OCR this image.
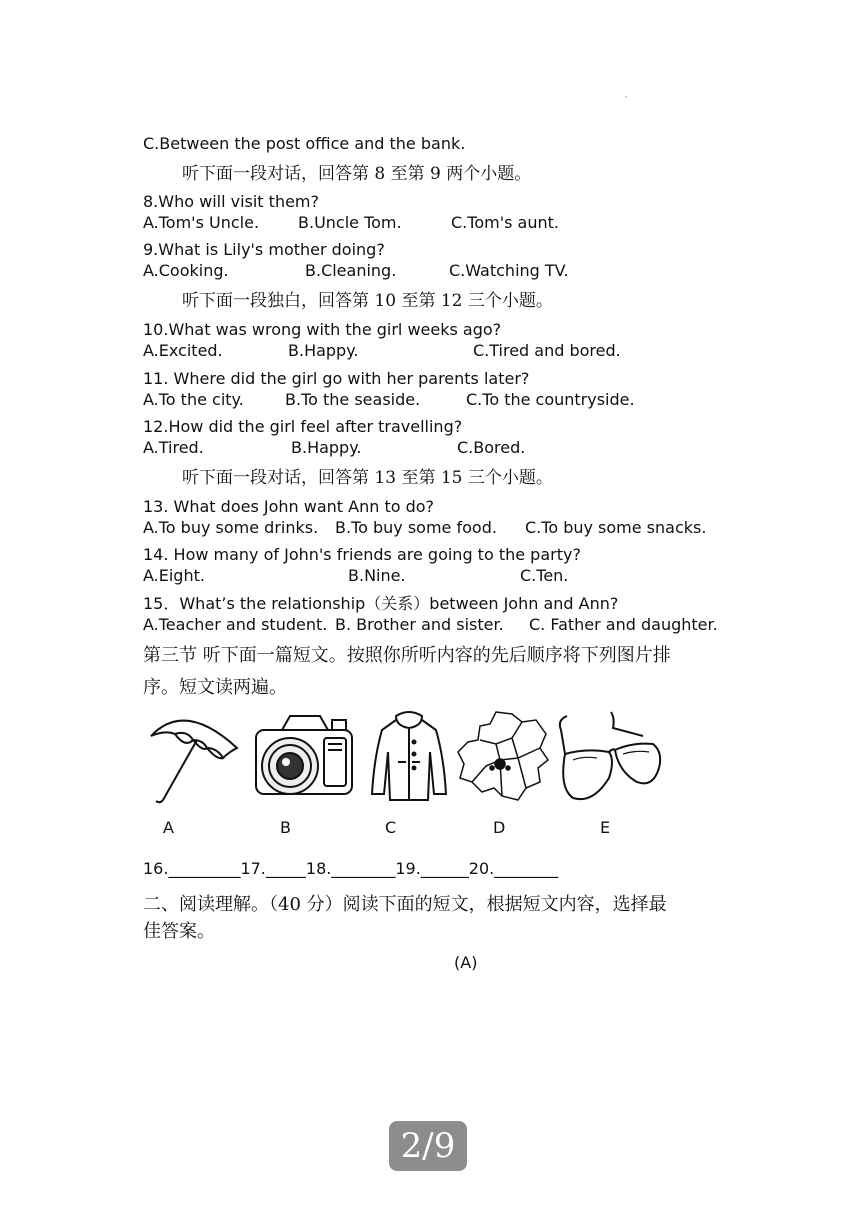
C.Between the post office and the bank.
听下面一段对话，回答第 8 至第 9 两个小题。
8.Who will visit them?
A.Tom's Uncle. B.Uncle Tom.	C.Tom's aunt.
9.What is Lily's mother doing?
A.Cooking.	B.Cleaning.	C.Watching TV.
听下面一段独白，回答第 10 至第 12 三个小题。
10.What was wrong with the girl weeks ago?
A.Excited.	B.Happy.	C.Tired and bored.
11. Where did the girl go with her parents later?
A.To the city.	B.To the seaside.	C.To the countryside.
12.How did the girl feel after travelling?
A.Tired.	B.Happy.	C.Bored.
听下面一段对话，回答第 13 至第 15 三个小题。
13. What does John want Ann to do?
A.To buy some drinks. B.To buy some food. C.To buy some snacks.
14. How many of John's friends are going to the party?
A.Eight.	B.Nine.	C.Ten.
15．What’s the relationship（关系）between John and Ann?
A.Teacher and student. B. Brother and sister. C. Father and daughter.
第三节 听下面一篇短文。按照你所听内容的先后顺序将下列图片排
序。短文读两遍。
A	B	C	D	E
16._________17._____18.________19.______20.________
二、阅读理解。（40 分）阅读下面的短文，根据短文内容，选择最
佳答案。
(A)
2/9
